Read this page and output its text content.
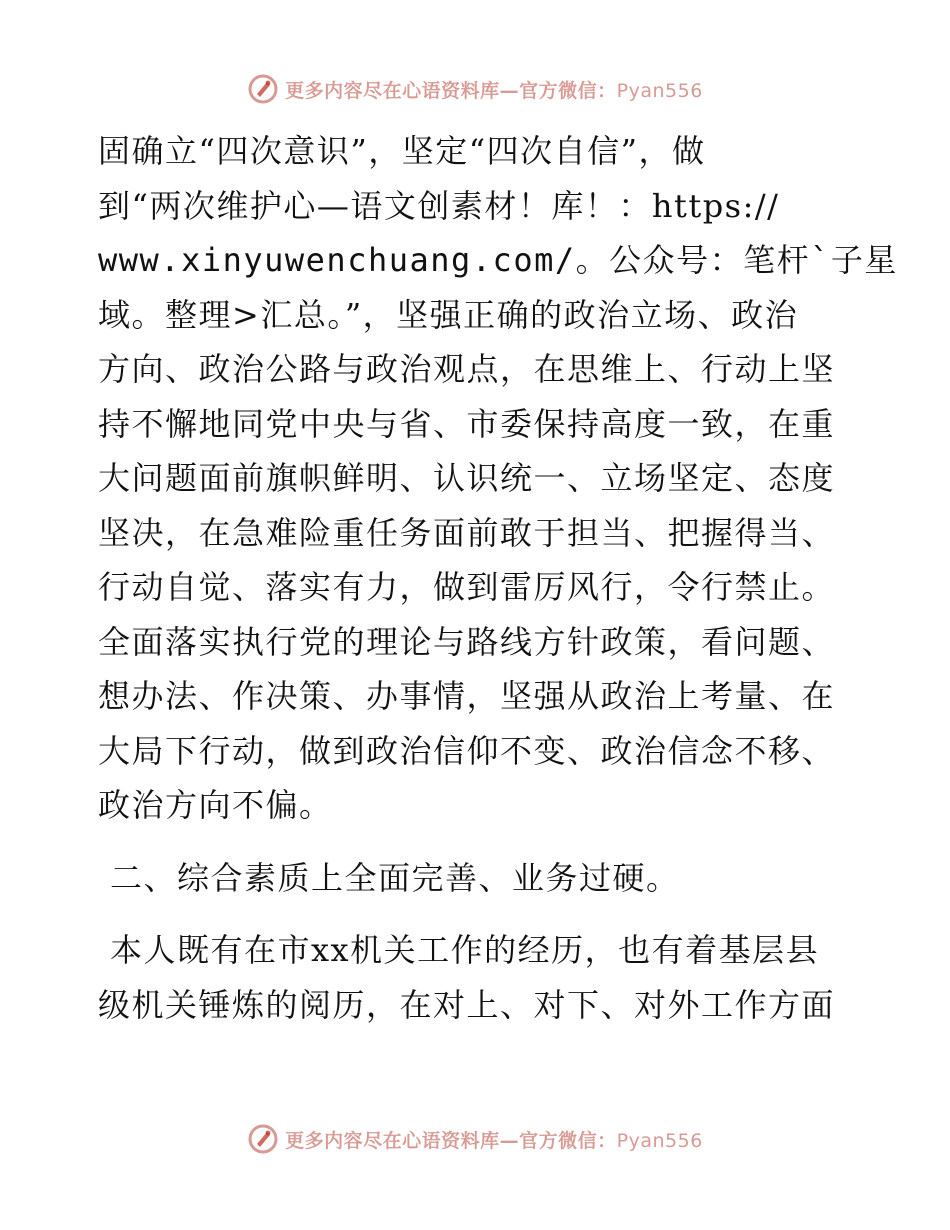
更多内容尽在心语资料库—官方微信：Pyan556
固确立“四次意识”，坚定“四次自信”，做
到“两次维护心—语文创素材！库！：https://
www.xinyuwenchuang.com/。公众号：笔杆`子星
域。整理>汇总。”，坚强正确的政治立场、政治
方向、政治公路与政治观点，在思维上、行动上坚
持不懈地同党中央与省、市委保持高度一致，在重
大问题面前旗帜鲜明、认识统一、立场坚定、态度
坚决，在急难险重任务面前敢于担当、把握得当、
行动自觉、落实有力，做到雷厉风行，令行禁止。
全面落实执行党的理论与路线方针政策，看问题、
想办法、作决策、办事情，坚强从政治上考量、在
大局下行动，做到政治信仰不变、政治信念不移、
政治方向不偏。
二、综合素质上全面完善、业务过硬。
本人既有在市xx机关工作的经历，也有着基层县
级机关锤炼的阅历，在对上、对下、对外工作方面
更多内容尽在心语资料库—官方微信：Pyan556
